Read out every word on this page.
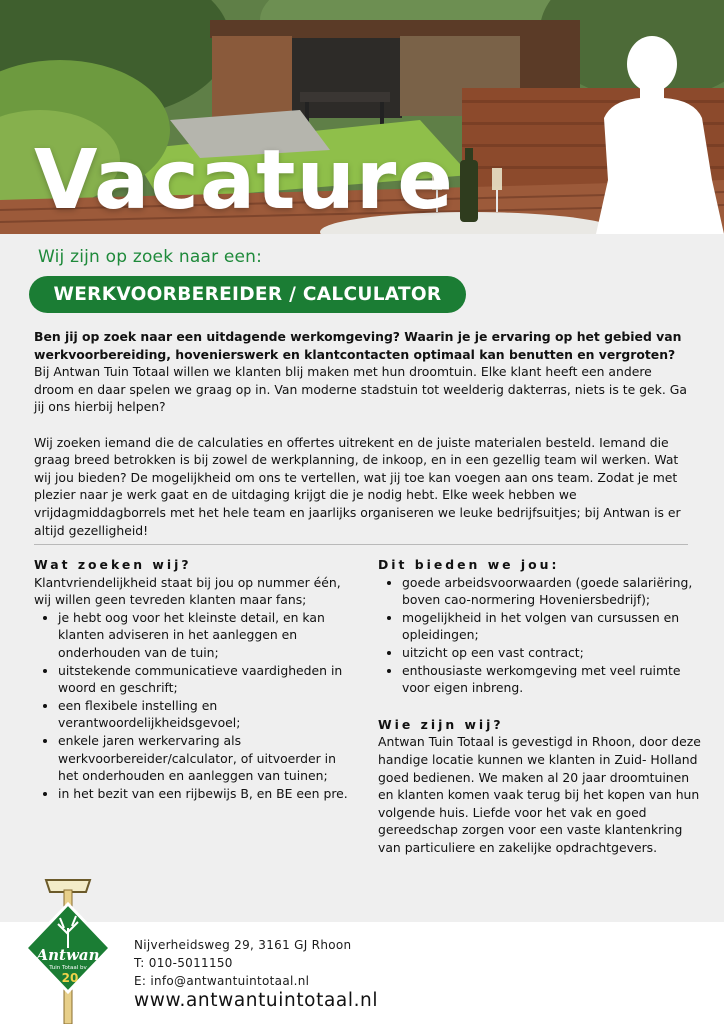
Vacature
Wij zijn op zoek naar een:
WERKVOORBEREIDER / CALCULATOR

Ben jij op zoek naar een uitdagende werkomgeving? Waarin je je ervaring op het gebied van werkvoorbereiding, hovenierswerk en klantcontacten optimaal kan benutten en vergroten?

Bij Antwan Tuin Totaal willen we klanten blij maken met hun droomtuin. Elke klant heeft een andere droom en daar spelen we graag op in. Van moderne stadstuin tot weelderig dakterras, niets is te gek. Ga jij ons hierbij helpen?

Wij zoeken iemand die de calculaties en offertes uitrekent en de juiste materialen besteld. Iemand die graag breed betrokken is bij zowel de werkplanning, de inkoop, en in een gezellig team wil werken. Wat wij jou bieden? De mogelijkheid om ons te vertellen, wat jij toe kan voegen aan ons team. Zodat je met plezier naar je werk gaat en de uitdaging krijgt die je nodig hebt. Elke week hebben we vrijdagmiddagborrels met het hele team en jaarlijks organiseren we leuke bedrijfsuitjes; bij Antwan is er altijd gezelligheid!

Wat zoeken wij?

Klantvriendelijkheid staat bij jou op nummer één, wij willen geen tevreden klanten maar fans;

• je hebt oog voor het kleinste detail, en kan klanten adviseren in het aanleggen en onderhouden van de tuin;
• uitstekende communicatieve vaardigheden in woord en geschrift;
• een flexibele instelling en verantwoordelijkheidsgevoel;
• enkele jaren werkervaring als werkvoorbereider/calculator, of uitvoerder in het onderhouden en aanleggen van tuinen;
• in het bezit van een rijbewijs B, en BE een pre.

Dit bieden we jou:

• goede arbeidsvoorwaarden (goede salariëring, boven cao-normering Hoveniersbedrijf);
• mogelijkheid in het volgen van cursussen en opleidingen;
• uitzicht op een vast contract;
• enthousiaste werkomgeving met veel ruimte voor eigen inbreng.

Wie zijn wij?

Antwan Tuin Totaal is gevestigd in Rhoon, door deze handige locatie kunnen we klanten in Zuid- Holland goed bedienen. We maken al 20 jaar droomtuinen en klanten komen vaak terug bij het kopen van hun volgende huis. Liefde voor het vak en goed gereedschap zorgen voor een vaste klantenkring van particuliere en zakelijke opdrachtgevers.

Antwan
Tuin Totaal bv
20
Nijverheidsweg 29, 3161 GJ Rhoon
T: 010-5011150
E: info@antwantuintotaal.nl
www.antwantuintotaal.nl
